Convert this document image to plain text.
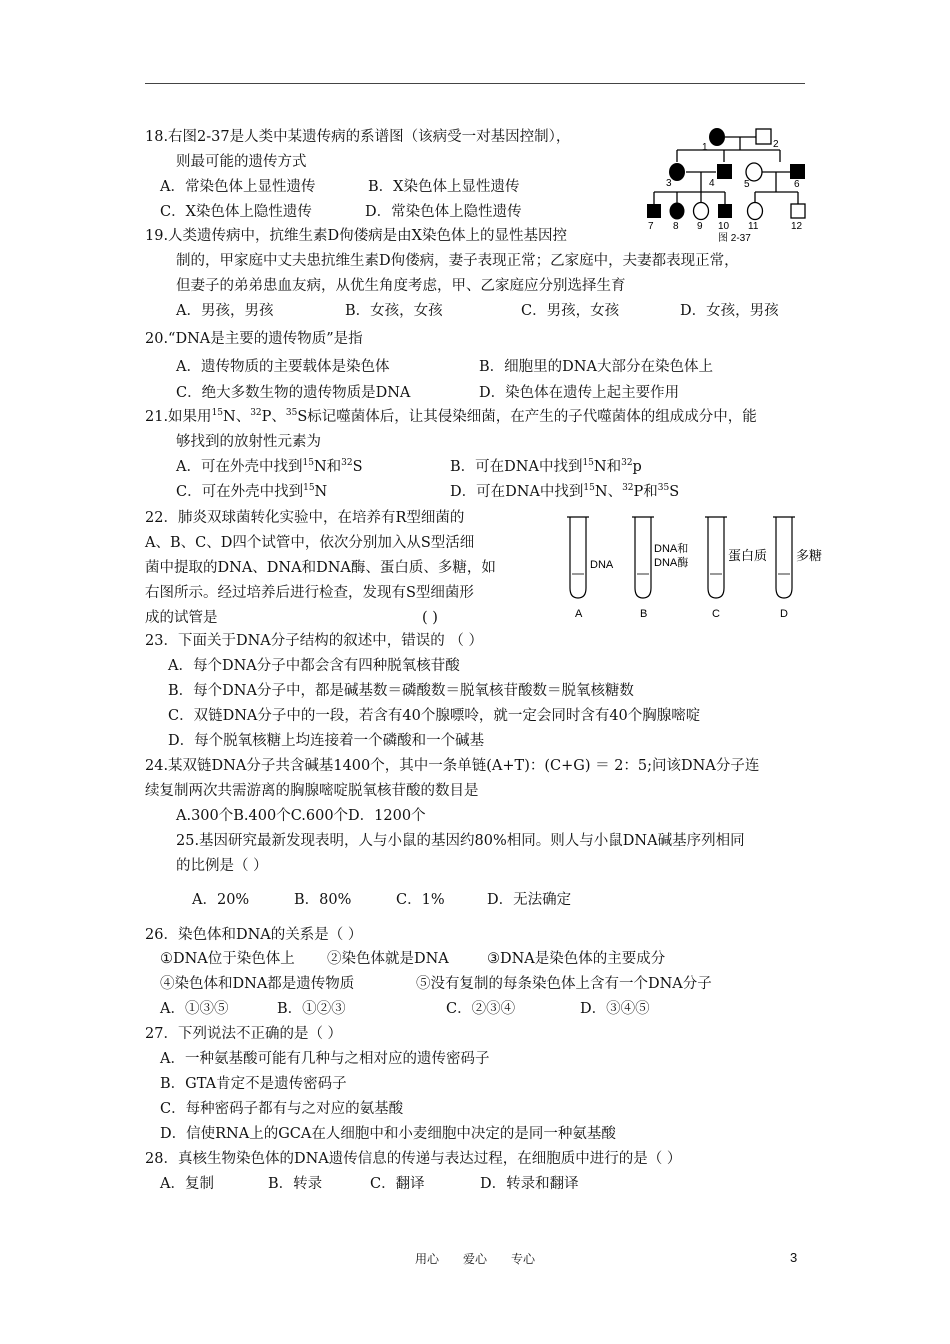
18.右图2-37是人类中某遗传病的系谱图（该病受一对基因控制），
则最可能的遗传方式
A．常染色体上显性遗传	B．X染色体上显性遗传
C．X染色体上隐性遗传	D．常染色体上隐性遗传
1	2
3	4	5	6
7 8 9 10 11	12
图 2-37
19.人类遗传病中，抗维生素D佝偻病是由X染色体上的显性基因控
制的，甲家庭中丈夫患抗维生素D佝偻病，妻子表现正常；乙家庭中，夫妻都表现正常，
但妻子的弟弟患血友病，从优生角度考虑，甲、乙家庭应分别选择生育
A．男孩，男孩	B．女孩，女孩	C．男孩，女孩	D．女孩，男孩
20.“DNA是主要的遗传物质”是指
A．遗传物质的主要载体是染色体	B．细胞里的DNA大部分在染色体上
C．绝大多数生物的遗传物质是DNA	D．染色体在遗传上起主要作用
21.如果用$^{15}$N、$^{32}$P、$^{35}$S标记噬菌体后，让其侵染细菌，在产生的子代噬菌体的组成成分中，能
够找到的放射性元素为
A．可在外壳中找到$^{15}$N和$^{32}$S	B．可在DNA中找到$^{15}$N和$^{32}$p
C．可在外壳中找到$^{15}$N	D．可在DNA中找到$^{15}$N、$^{32}$P和$^{35}$S
22．肺炎双球菌转化实验中，在培养有R型细菌的
A、B、C、D四个试管中，依次分别加入从S型活细
菌中提取的DNA、DNA和DNA酶、蛋白质、多糖，如
右图所示。经过培养后进行检查，发现有S型细菌形
成的试管是	( )
DNA
DNA和
DNA酶	蛋白质 多糖
A	B	C	D
23．下面关于DNA分子结构的叙述中，错误的 （ ）
A．每个DNA分子中都会含有四种脱氧核苷酸
B．每个DNA分子中，都是碱基数＝磷酸数＝脱氧核苷酸数＝脱氧核糖数
C．双链DNA分子中的一段，若含有40个腺嘌呤，就一定会同时含有40个胸腺嘧啶
D．每个脱氧核糖上均连接着一个磷酸和一个碱基
24.某双链DNA分子共含碱基1400个，其中一条单链(A+T)：(C+G) ＝ 2：5;问该DNA分子连
续复制两次共需游离的胸腺嘧啶脱氧核苷酸的数目是
A.300个B.400个C.600个D．1200个
25.基因研究最新发现表明，人与小鼠的基因约80%相同。则人与小鼠DNA碱基序列相同
的比例是（ ）
A．20%	B．80%	C．1%	D．无法确定
26．染色体和DNA的关系是（ ）
①DNA位于染色体上 ②染色体就是DNA	③DNA是染色体的主要成分
④染色体和DNA都是遗传物质	⑤没有复制的每条染色体上含有一个DNA分子
A．①③⑤	B．①②③	C．②③④	D．③④⑤
27．下列说法不正确的是（ ）
A．一种氨基酸可能有几种与之相对应的遗传密码子
B．GTA肯定不是遗传密码子
C．每种密码子都有与之对应的氨基酸
D．信使RNA上的GCA在人细胞中和小麦细胞中决定的是同一种氨基酸
28．真核生物染色体的DNA遗传信息的传递与表达过程，在细胞质中进行的是（ ）
A．复制	B．转录	C．翻译	D．转录和翻译
用心　　爱心　　专心	3
